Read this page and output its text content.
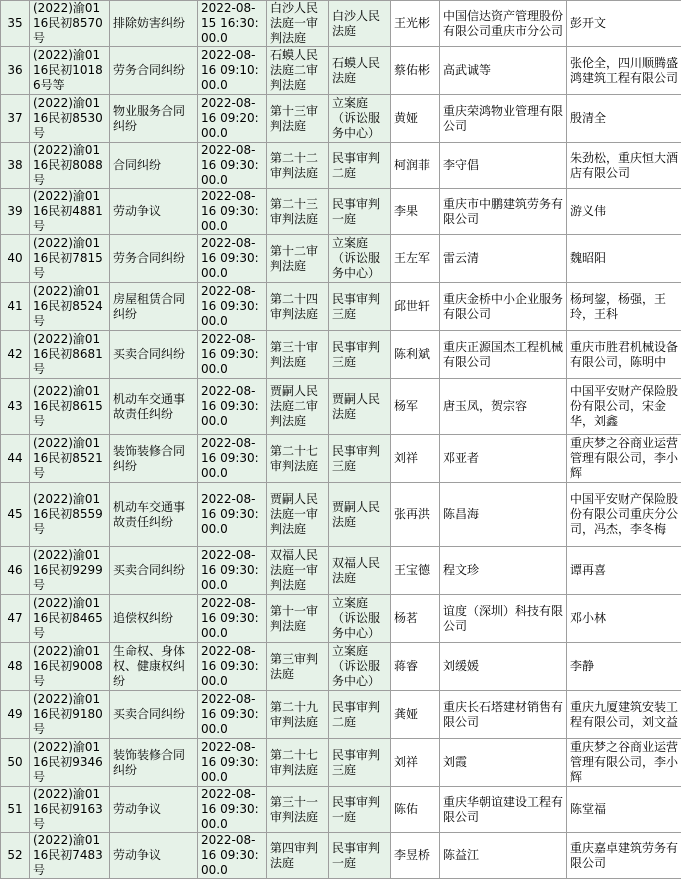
35	(2022)渝0116民初8570号	排除妨害纠纷	2022-08-15 16:30:00.0	白沙人民法庭一审判法庭	白沙人民法庭	王光彬	中国信达资产管理股份有限公司重庆市分公司	彭开文
36	(2022)渝0116民初10186号等	劳务合同纠纷	2022-08-16 09:10:00.0	石蟆人民法庭二审判法庭	石蟆人民法庭	蔡佑彬	高武诚等	张伦全，四川顺腾盛鸿建筑工程有限公司
37	(2022)渝0116民初8530号	物业服务合同纠纷	2022-08-16 09:20:00.0	第十三审判法庭	立案庭（诉讼服务中心）	黄娅	重庆荣鸿物业管理有限公司	殷清全
38	(2022)渝0116民初8088号	合同纠纷	2022-08-16 09:30:00.0	第二十二审判法庭	民事审判二庭	柯润菲	李守倡	朱劲松，重庆恒大酒店有限公司
39	(2022)渝0116民初4881号	劳动争议	2022-08-16 09:30:00.0	第二十三审判法庭	民事审判一庭	李果	重庆市中鹏建筑劳务有限公司	游义伟
40	(2022)渝0116民初7815号	劳务合同纠纷	2022-08-16 09:30:00.0	第十二审判法庭	立案庭（诉讼服务中心）	王左军	雷云清	魏昭阳
41	(2022)渝0116民初8524号	房屋租赁合同纠纷	2022-08-16 09:30:00.0	第二十四审判法庭	民事审判三庭	邱世轩	重庆金桥中小企业服务有限公司	杨珂鋆，杨强，王玲，王科
42	(2022)渝0116民初8681号	买卖合同纠纷	2022-08-16 09:30:00.0	第三十审判法庭	民事审判三庭	陈利斌	重庆正源国杰工程机械有限公司	重庆市胜君机械设备有限公司，陈明中
43	(2022)渝0116民初8615号	机动车交通事故责任纠纷	2022-08-16 09:30:00.0	贾嗣人民法庭二审判法庭	贾嗣人民法庭	杨军	唐玉凤，贺宗容	中国平安财产保险股份有限公司，宋金华，刘鑫
44	(2022)渝0116民初8521号	装饰装修合同纠纷	2022-08-16 09:30:00.0	第二十七审判法庭	民事审判三庭	刘祥	邓亚者	重庆梦之谷商业运营管理有限公司，李小辉
45	(2022)渝0116民初8559号	机动车交通事故责任纠纷	2022-08-16 09:30:00.0	贾嗣人民法庭一审判法庭	贾嗣人民法庭	张再洪	陈昌海	中国平安财产保险股份有限公司重庆分公司，冯杰，李冬梅
46	(2022)渝0116民初9299号	买卖合同纠纷	2022-08-16 09:30:00.0	双福人民法庭一审判法庭	双福人民法庭	王宝德	程文珍	谭再喜
47	(2022)渝0116民初8465号	追偿权纠纷	2022-08-16 09:30:00.0	第十一审判法庭	立案庭（诉讼服务中心）	杨茗	谊度（深圳）科技有限公司	邓小林
48	(2022)渝0116民初9008号	生命权、身体权、健康权纠纷	2022-08-16 09:30:00.0	第三审判法庭	立案庭（诉讼服务中心）	蒋睿	刘缓媛	李静
49	(2022)渝0116民初9180号	买卖合同纠纷	2022-08-16 09:30:00.0	第二十九审判法庭	民事审判二庭	龚娅	重庆长石塔建材销售有限公司	重庆九厦建筑安装工程有限公司，刘文益
50	(2022)渝0116民初9346号	装饰装修合同纠纷	2022-08-16 09:30:00.0	第二十七审判法庭	民事审判三庭	刘祥	刘霞	重庆梦之谷商业运营管理有限公司，李小辉
51	(2022)渝0116民初9163号	劳动争议	2022-08-16 09:30:00.0	第三十一审判法庭	民事审判一庭	陈佑	重庆华朝谊建设工程有限公司	陈堂福
52	(2022)渝0116民初7483号	劳动争议	2022-08-16 09:30:00.0	第四审判法庭	民事审判一庭	李昱桥	陈益江	重庆嘉卓建筑劳务有限公司
